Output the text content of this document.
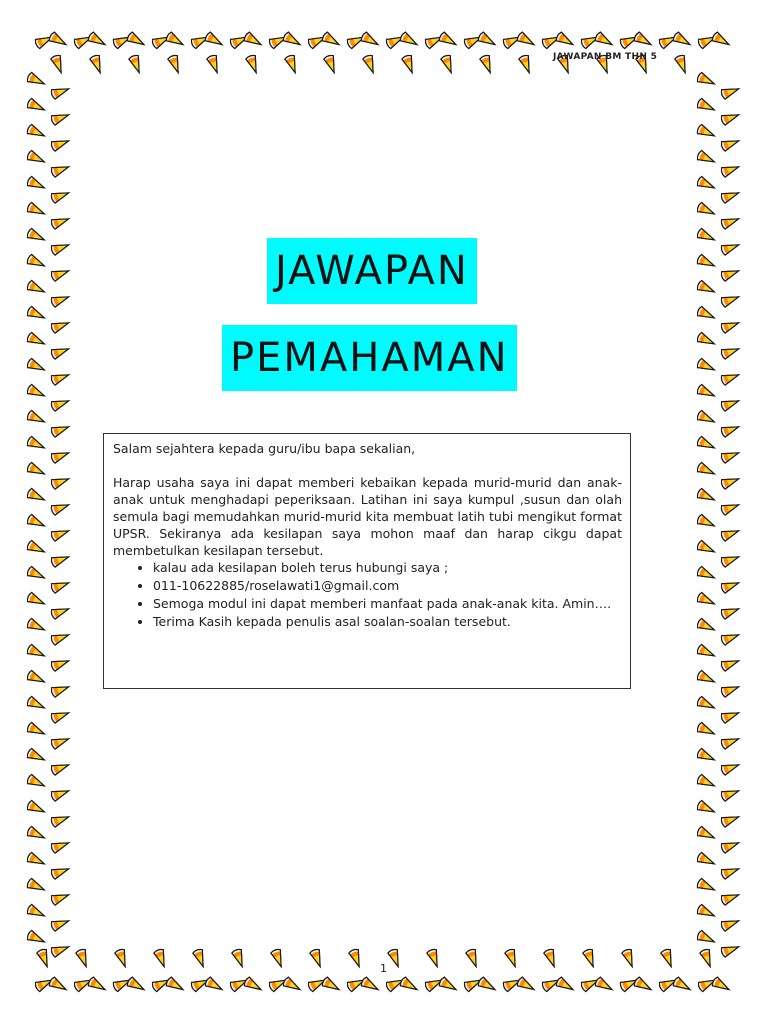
JAWAPAN BM THN 5
JAWAPAN
PEMAHAMAN

Salam sejahtera kepada guru/ibu bapa sekalian,

Harap usaha saya ini dapat memberi kebaikan kepada murid-murid dan anak-anak untuk menghadapi peperiksaan. Latihan ini saya kumpul ,susun dan olah semula bagi memudahkan murid-murid kita membuat latih tubi mengikut format UPSR. Sekiranya ada kesilapan saya mohon maaf dan harap cikgu dapat membetulkan kesilapan tersebut.

• kalau ada kesilapan boleh terus hubungi saya ;
• 011-10622885/roselawati1@gmail.com
• Semoga modul ini dapat memberi manfaat pada anak-anak kita. Amin….
• Terima Kasih kepada penulis asal soalan-soalan tersebut.
1
